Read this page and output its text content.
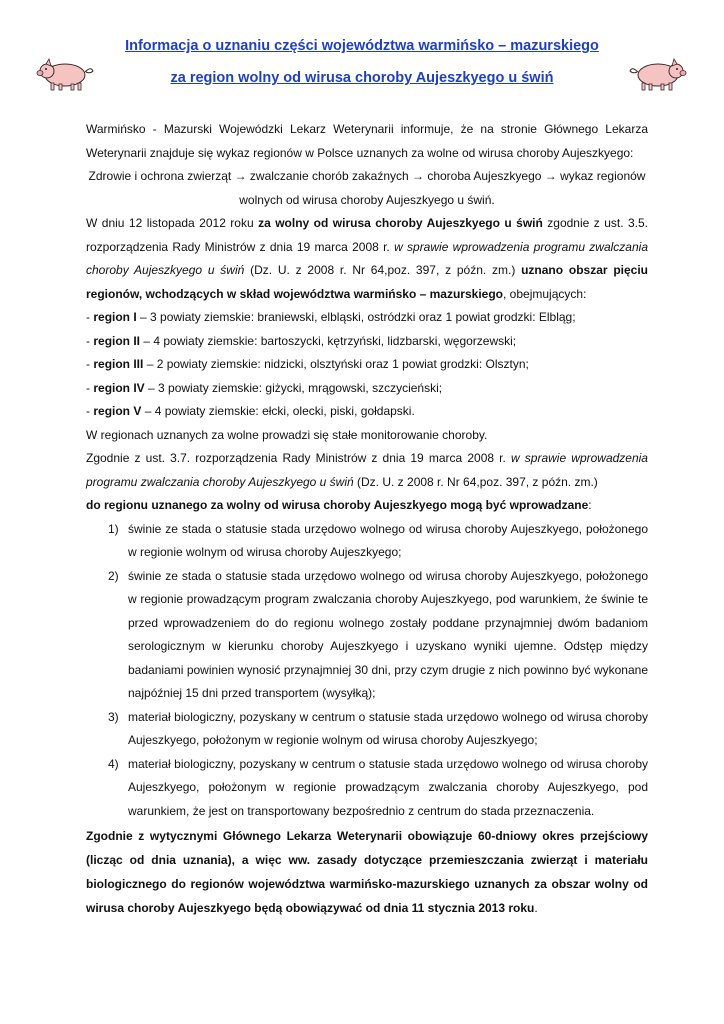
Informacja o uznaniu części województwa warmińsko – mazurskiego
za region wolny od wirusa choroby Aujeszkyego u świń

Warmińsko - Mazurski Wojewódzki Lekarz Weterynarii informuje, że na stronie Głównego Lekarza Weterynarii znajduje się wykaz regionów w Polsce uznanych za wolne od wirusa choroby Aujeszkyego:

Zdrowie i ochrona zwierząt → zwalczanie chorób zakaźnych → choroba Aujeszkyego → wykaz regionów wolnych od wirusa choroby Aujeszkyego u świń.

W dniu 12 listopada 2012 roku za wolny od wirusa choroby Aujeszkyego u świń zgodnie z ust. 3.5. rozporządzenia Rady Ministrów z dnia 19 marca 2008 r. w sprawie wprowadzenia programu zwalczania choroby Aujeszkyego u świń (Dz. U. z 2008 r. Nr 64,poz. 397, z późn. zm.) uznano obszar pięciu regionów, wchodzących w skład województwa warmińsko – mazurskiego, obejmujących:

- region I – 3 powiaty ziemskie: braniewski, elbląski, ostródzki oraz 1 powiat grodzki: Elbląg;

- region II – 4 powiaty ziemskie: bartoszycki, kętrzyński, lidzbarski, węgorzewski;

- region III – 2 powiaty ziemskie: nidzicki, olsztyński oraz 1 powiat grodzki: Olsztyn;

- region IV – 3 powiaty ziemskie: giżycki, mrągowski, szczycieński;

- region V – 4 powiaty ziemskie: ełcki, olecki, piski, gołdapski.

W regionach uznanych za wolne prowadzi się stałe monitorowanie choroby.

Zgodnie z ust. 3.7. rozporządzenia Rady Ministrów z dnia 19 marca 2008 r. w sprawie wprowadzenia programu zwalczania choroby Aujeszkyego u świń (Dz. U. z 2008 r. Nr 64,poz. 397, z późn. zm.)
do regionu uznanego za wolny od wirusa choroby Aujeszkyego mogą być wprowadzane:

1) świnie ze stada o statusie stada urzędowo wolnego od wirusa choroby Aujeszkyego, położonego w regionie wolnym od wirusa choroby Aujeszkyego;
2) świnie ze stada o statusie stada urzędowo wolnego od wirusa choroby Aujeszkyego, położonego w regionie prowadzącym program zwalczania choroby Aujeszkyego, pod warunkiem, że świnie te przed wprowadzeniem do do regionu wolnego zostały poddane przynajmniej dwóm badaniom serologicznym w kierunku choroby Aujeszkyego i uzyskano wyniki ujemne. Odstęp między badaniami powinien wynosić przynajmniej 30 dni, przy czym drugie z nich powinno być wykonane najpóźniej 15 dni przed transportem (wysyłką);
3) materiał biologiczny, pozyskany w centrum o statusie stada urzędowo wolnego od wirusa choroby Aujeszkyego, położonym w regionie wolnym od wirusa choroby Aujeszkyego;
4) materiał biologiczny, pozyskany w centrum o statusie stada urzędowo wolnego od wirusa choroby Aujeszkyego, położonym w regionie prowadzącym zwalczania choroby Aujeszkyego, pod warunkiem, że jest on transportowany bezpośrednio z centrum do stada przeznaczenia.

Zgodnie z wytycznymi Głównego Lekarza Weterynarii obowiązuje 60-dniowy okres przejściowy (licząc od dnia uznania), a więc ww. zasady dotyczące przemieszczania zwierząt i materiału biologicznego do regionów województwa warmińsko-mazurskiego uznanych za obszar wolny od wirusa choroby Aujeszkyego będą obowiązywać od dnia 11 stycznia 2013 roku.
